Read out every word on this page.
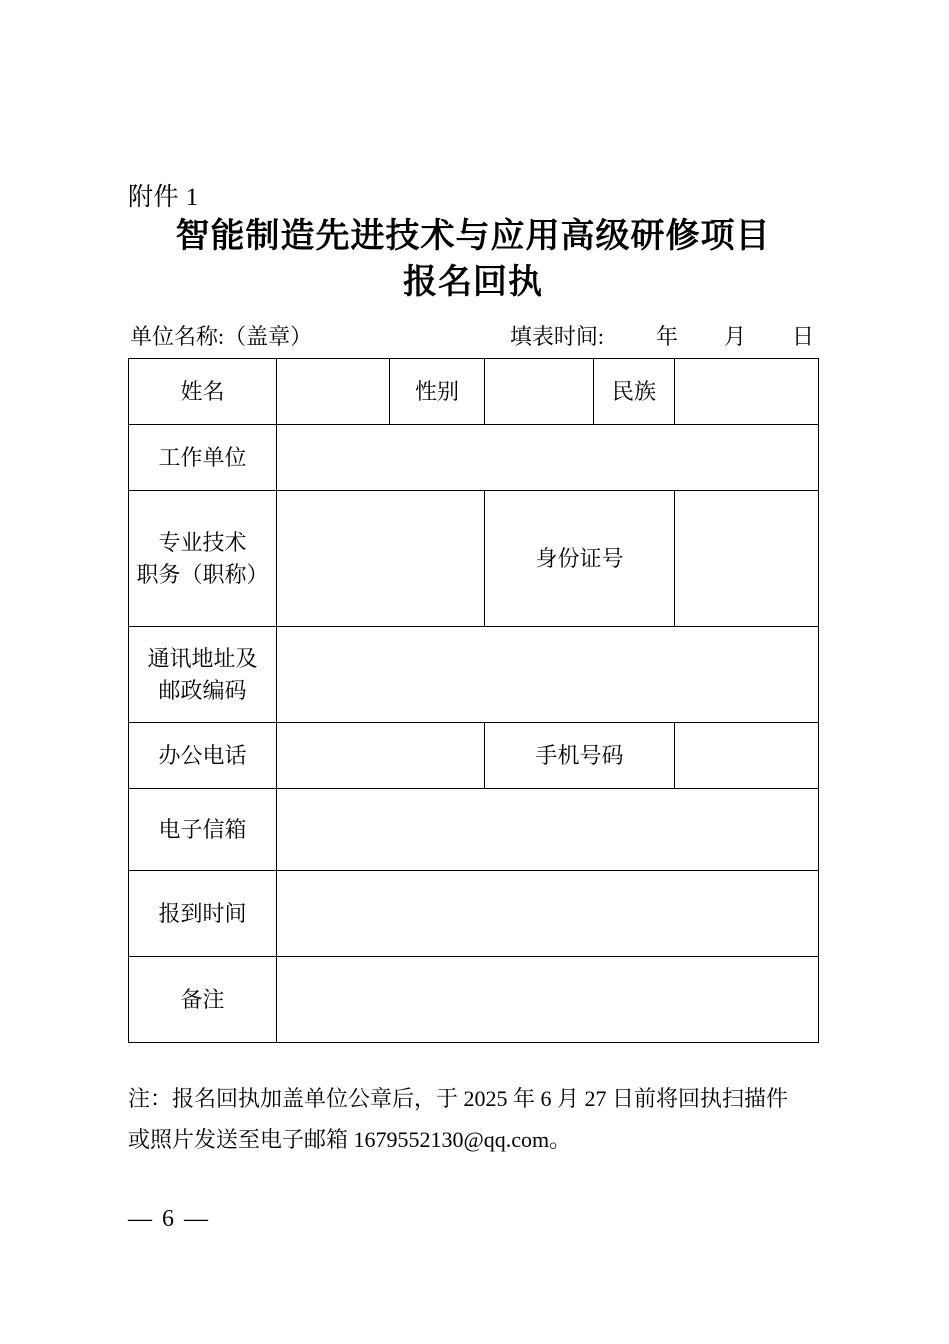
附件 1
智能制造先进技术与应用高级研修项目
报名回执
单位名称:（盖章）	填表时间: 年 月 日
姓名		性别		民族	
工作单位					
专业技术
职务（职称）			身份证号		
通讯地址及
邮政编码					
办公电话			手机号码		
电子信箱					
报到时间					
备注					
注：报名回执加盖单位公章后，于 2025 年 6 月 27 日前将回执扫描件
或照片发送至电子邮箱 1679552130@qq.com。
— 6 —
